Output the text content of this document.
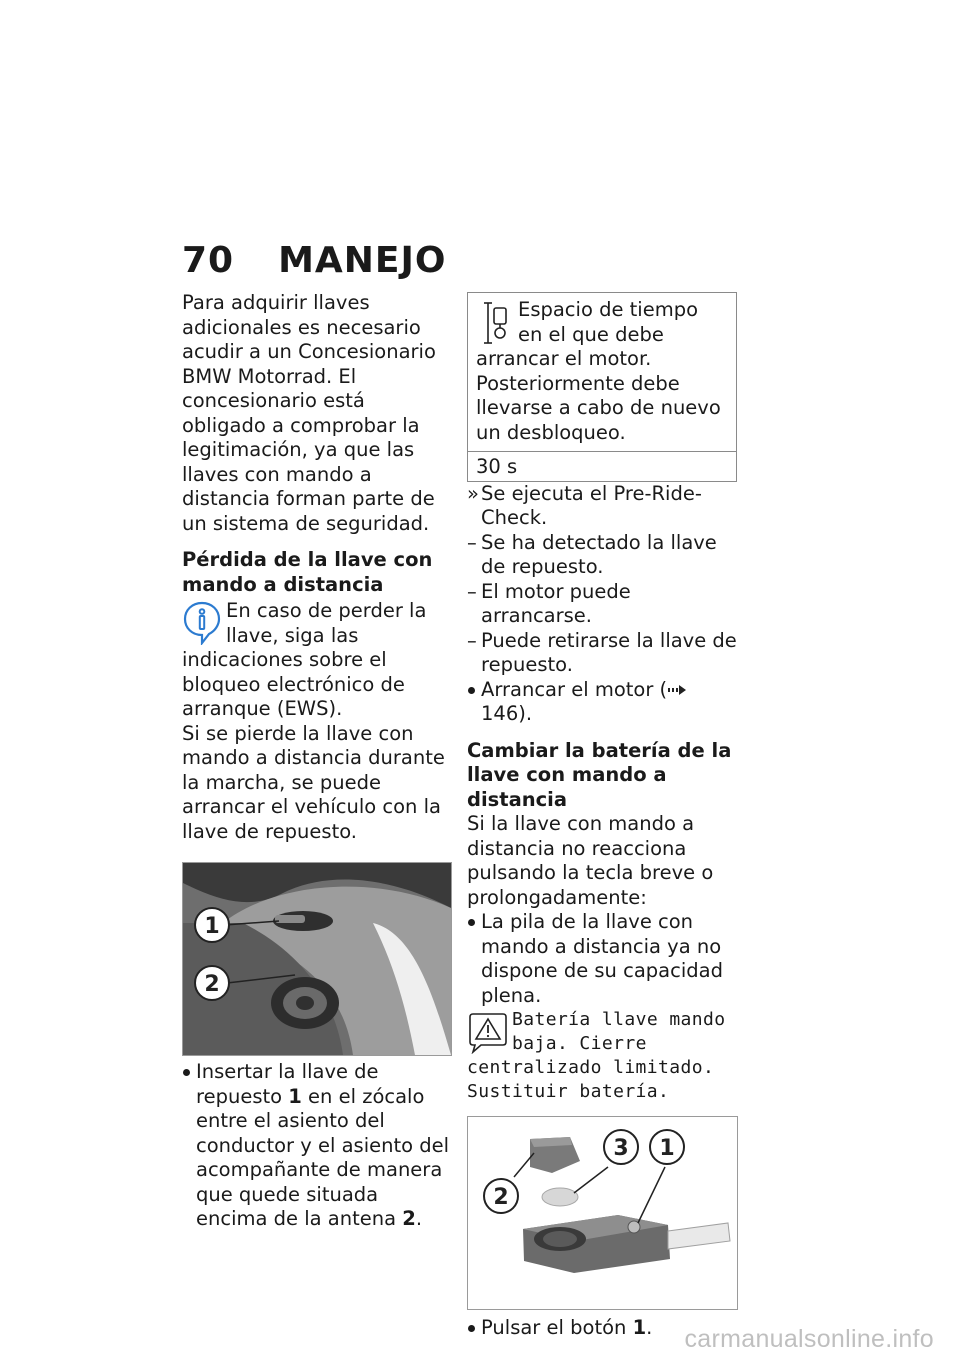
70 MANEJO

Para adquirir llaves adicionales es necesario acudir a un Concesionario BMW Motorrad. El concesionario está obligado a comprobar la legitimación, ya que las llaves con mando a distancia forman parte de un sistema de seguridad.

Pérdida de la llave con mando a distancia

En caso de perder la llave, siga las indicaciones sobre el bloqueo electrónico de arranque (EWS).

Si se pierde la llave con mando a distancia durante la marcha, se puede arrancar el vehículo con la llave de repuesto.

1
2
Insertar la llave de repuesto 1 en el zócalo entre el asiento del conductor y el asiento del acompañante de manera que quede situada encima de la antena 2.

Espacio de tiempo en el que debe arrancar el motor. Posteriormente debe llevarse a cabo de nuevo un desbloqueo.

30 s
» Se ejecuta el Pre-Ride-Check.
– Se ha detectado la llave de repuesto.
– El motor puede arrancarse.
– Puede retirarse la llave de repuesto.
Arrancar el motor ( 146).

Cambiar la batería de la llave con mando a distancia

Si la llave con mando a distancia no reacciona pulsando la tecla breve o prolongadamente:

La pila de la llave con mando a distancia ya no dispone de su capacidad plena.
Batería llave mando baja. Cierre centralizado limitado. Sustituir batería.
3 1
2
Pulsar el botón 1.	carmanualsonline.info
